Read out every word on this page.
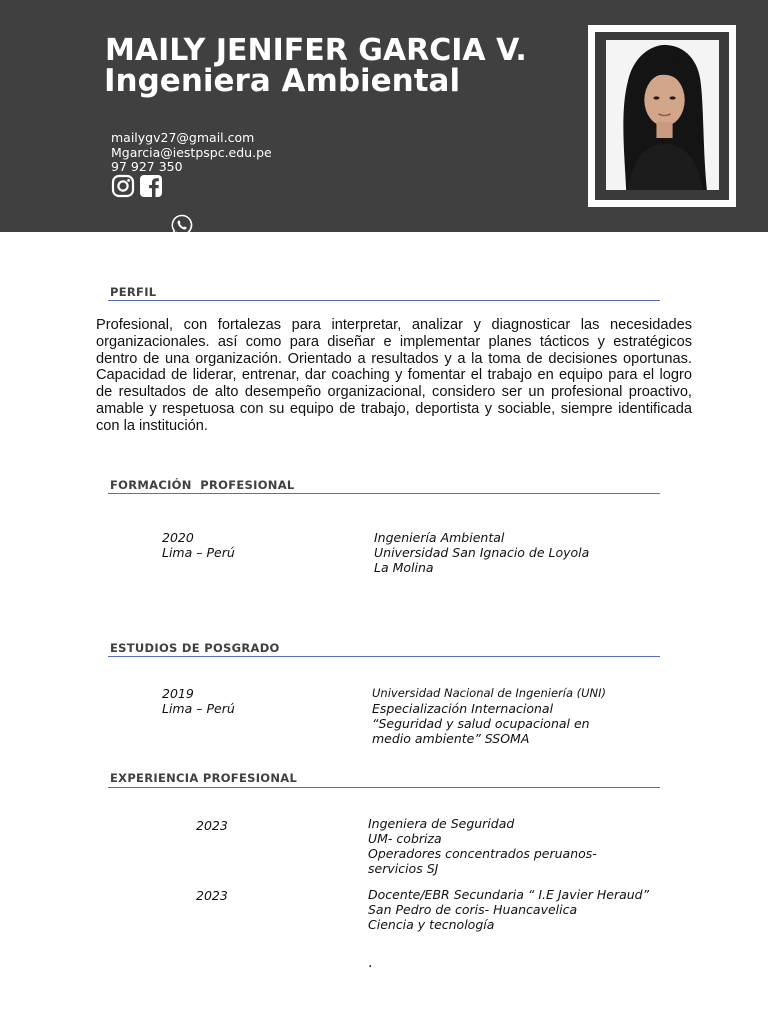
MAILY JENIFER GARCIA V.
Ingeniera Ambiental
mailygv27@gmail.com
Mgarcia@iestpspc.edu.pe
97 927 350
PERFIL

Profesional, con fortalezas para interpretar, analizar y diagnosticar las necesidades organizacionales. así como para diseñar e implementar planes tácticos y estratégicos dentro de una organización. Orientado a resultados y a la toma de decisiones oportunas. Capacidad de liderar, entrenar, dar coaching y fomentar el trabajo en equipo para el logro de resultados de alto desempeño organizacional, considero ser un profesional proactivo, amable y respetuosa con su equipo de trabajo, deportista y sociable, siempre identificada con la institución.

FORMACIÓN  PROFESIONAL
2020
Lima – Perú
Ingeniería Ambiental
Universidad San Ignacio de Loyola
La Molina
ESTUDIOS DE POSGRADO
2019
Lima – Perú
Universidad Nacional de Ingeniería (UNI)
Especialización Internacional
“Seguridad y salud ocupacional en
medio ambiente” SSOMA
EXPERIENCIA PROFESIONAL
2023	Ingeniera de Seguridad
UM- cobriza
Operadores concentrados peruanos-
servicios SJ
2023	Docente/EBR Secundaria “ I.E Javier Heraud”
San Pedro de coris- Huancavelica
Ciencia y tecnología
.
